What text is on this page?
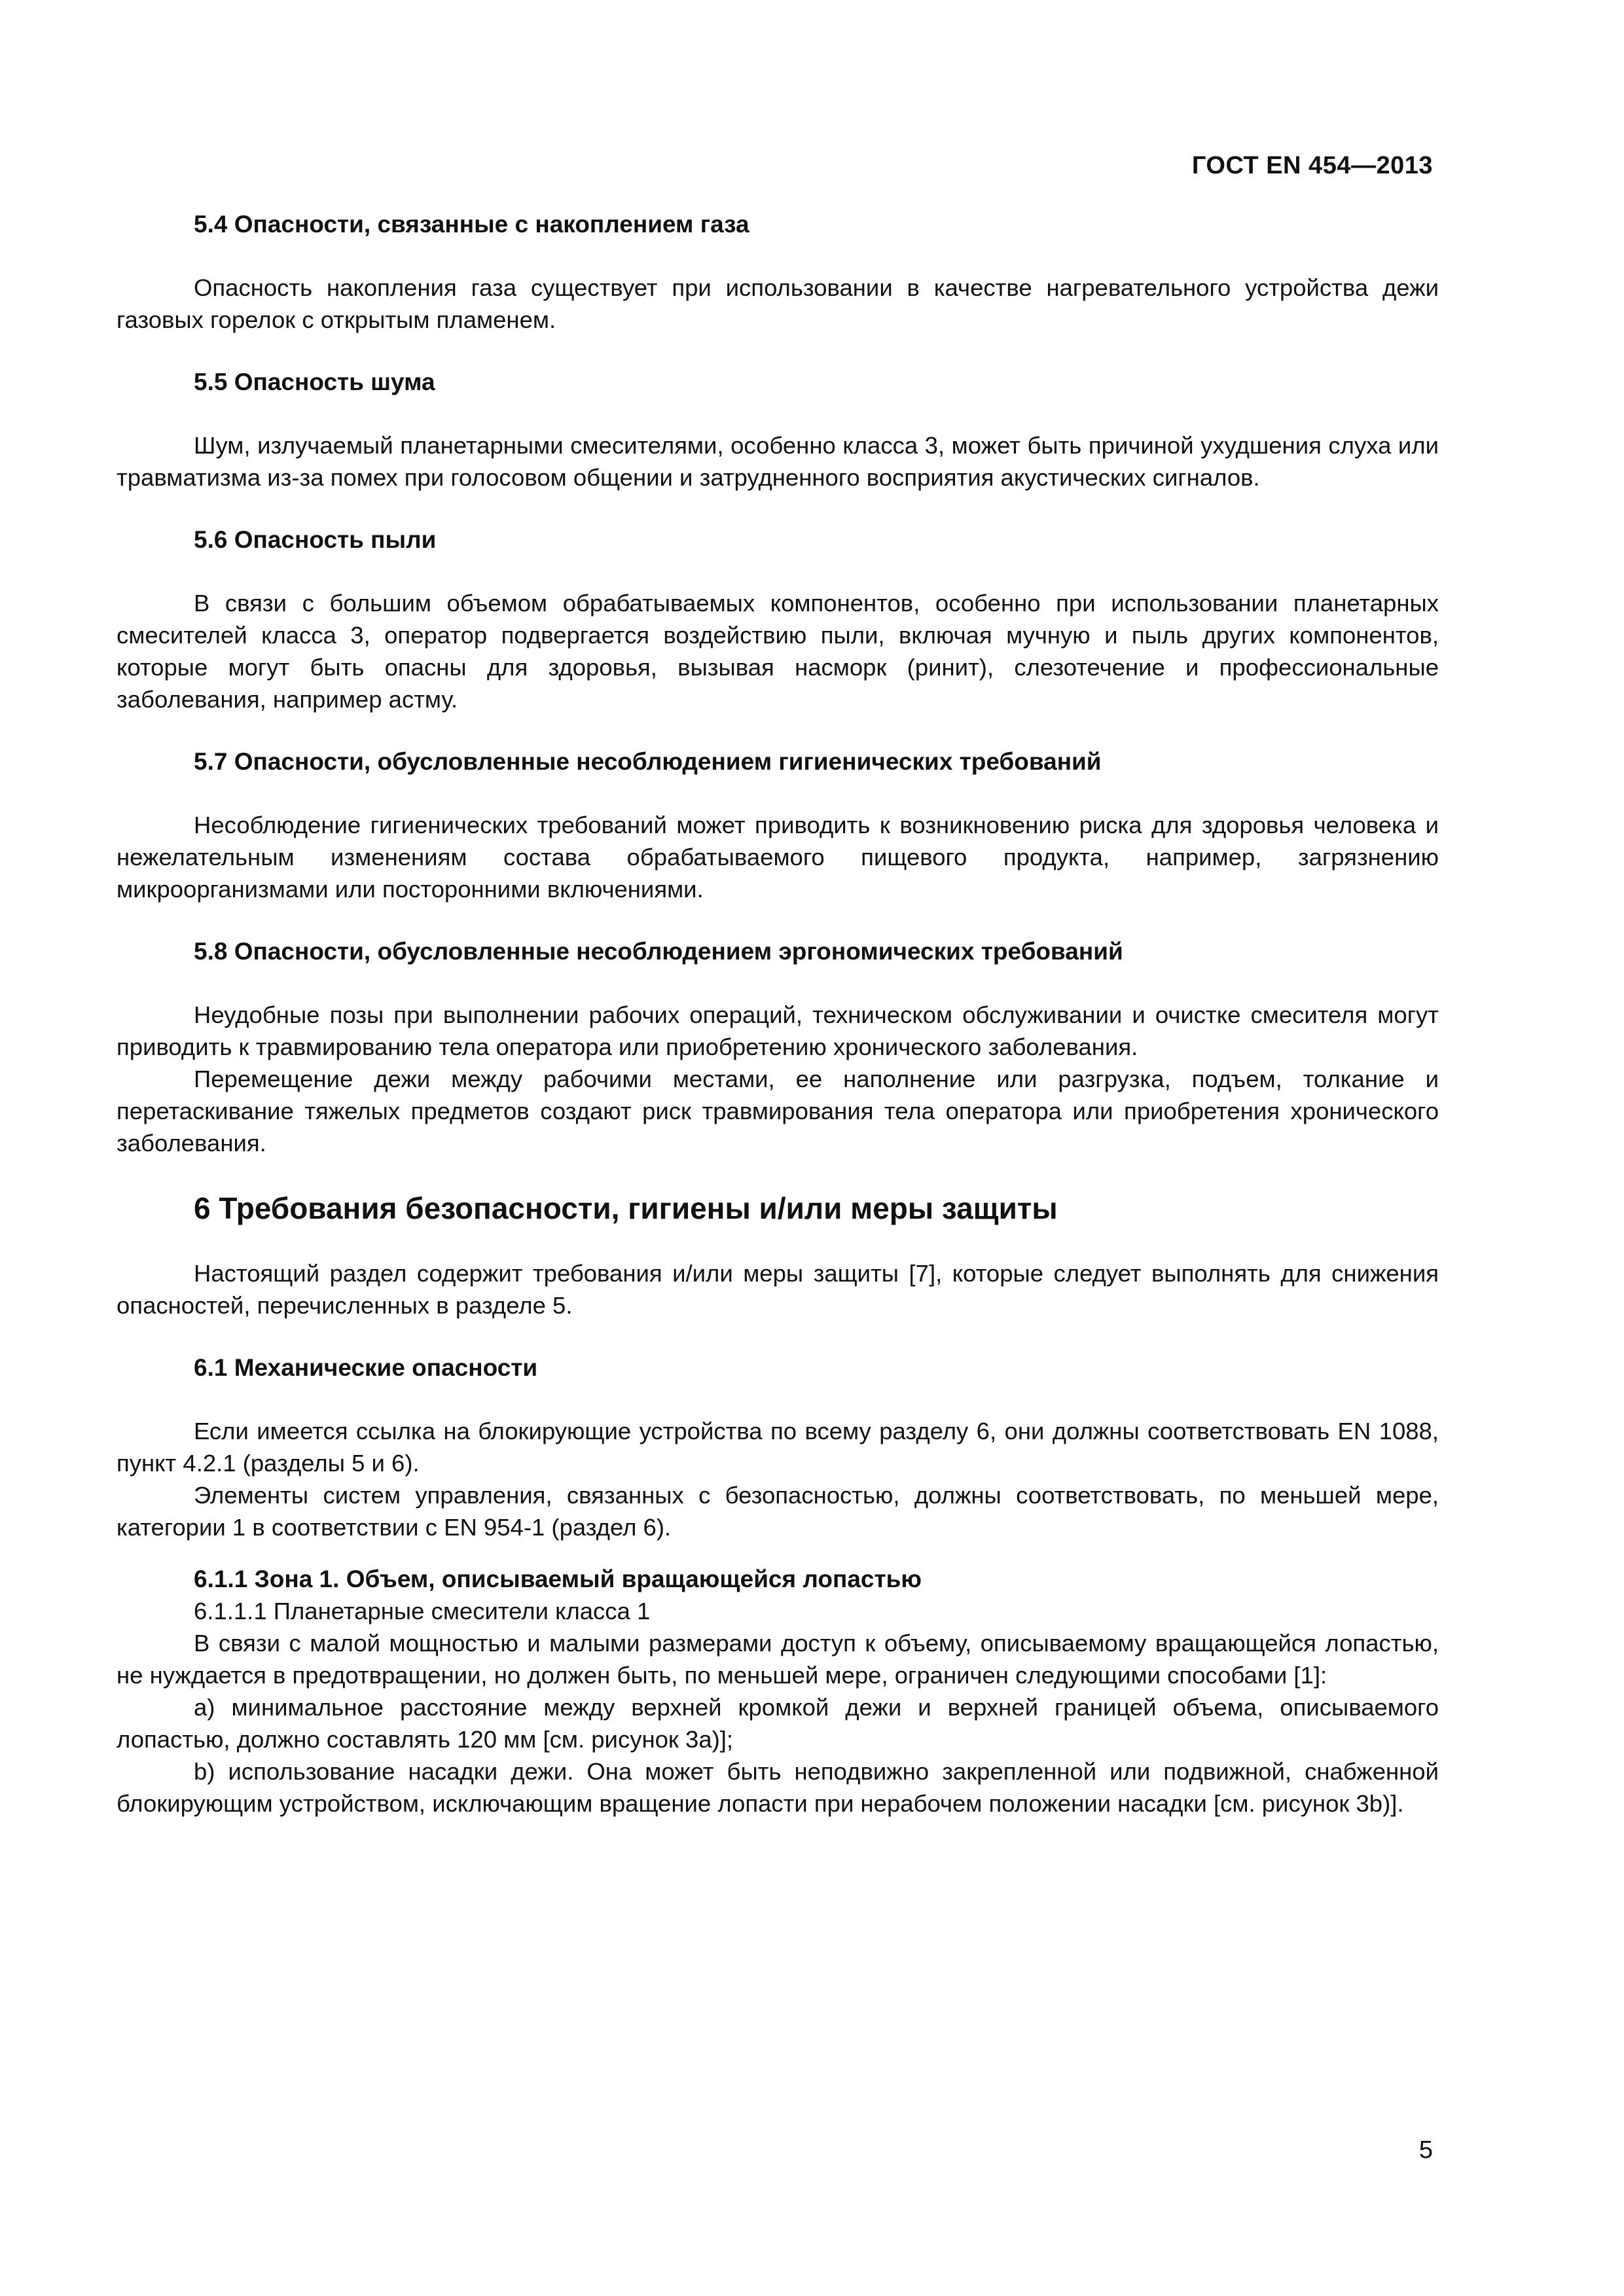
ГОСТ EN 454—2013
5.4 Опасности, связанные с накоплением газа

Опасность накопления газа существует при использовании в качестве нагревательного устройства дежи газовых горелок с открытым пламенем.

5.5 Опасность шума

Шум, излучаемый планетарными смесителями, особенно класса 3, может быть причиной ухудшения слуха или травматизма из-за помех при голосовом общении и затрудненного восприятия акустических сигналов.

5.6 Опасность пыли

В связи с большим объемом обрабатываемых компонентов, особенно при использовании планетарных смесителей класса 3, оператор подвергается воздействию пыли, включая мучную и пыль других компонентов, которые могут быть опасны для здоровья, вызывая насморк (ринит), слезотечение и профессиональные заболевания, например астму.

5.7 Опасности, обусловленные несоблюдением гигиенических требований

Несоблюдение гигиенических требований может приводить к возникновению риска для здоровья человека и нежелательным изменениям состава обрабатываемого пищевого продукта, например, загрязнению микроорганизмами или посторонними включениями.

5.8 Опасности, обусловленные несоблюдением эргономических требований

Неудобные позы при выполнении рабочих операций, техническом обслуживании и очистке смесителя могут приводить к травмированию тела оператора или приобретению хронического заболевания.

Перемещение дежи между рабочими местами, ее наполнение или разгрузка, подъем, толкание и перетаскивание тяжелых предметов создают риск травмирования тела оператора или приобретения хронического заболевания.

6 Требования безопасности, гигиены и/или меры защиты

Настоящий раздел содержит требования и/или меры защиты [7], которые следует выполнять для снижения опасностей, перечисленных в разделе 5.

6.1 Механические опасности

Если имеется ссылка на блокирующие устройства по всему разделу 6, они должны соответствовать EN 1088, пункт 4.2.1 (разделы 5 и 6).

Элементы систем управления, связанных с безопасностью, должны соответствовать, по меньшей мере, категории 1 в соответствии с EN 954-1 (раздел 6).

6.1.1 Зона 1. Объем, описываемый вращающейся лопастью

6.1.1.1 Планетарные смесители класса 1

В связи с малой мощностью и малыми размерами доступ к объему, описываемому вращающейся лопастью, не нуждается в предотвращении, но должен быть, по меньшей мере, ограничен следующими способами [1]:

а) минимальное расстояние между верхней кромкой дежи и верхней границей объема, описываемого лопастью, должно составлять 120 мм [см. рисунок 3а)];

b) использование насадки дежи. Она может быть неподвижно закрепленной или подвижной, снабженной блокирующим устройством, исключающим вращение лопасти при нерабочем положении насадки [см. рисунок 3b)].

5
